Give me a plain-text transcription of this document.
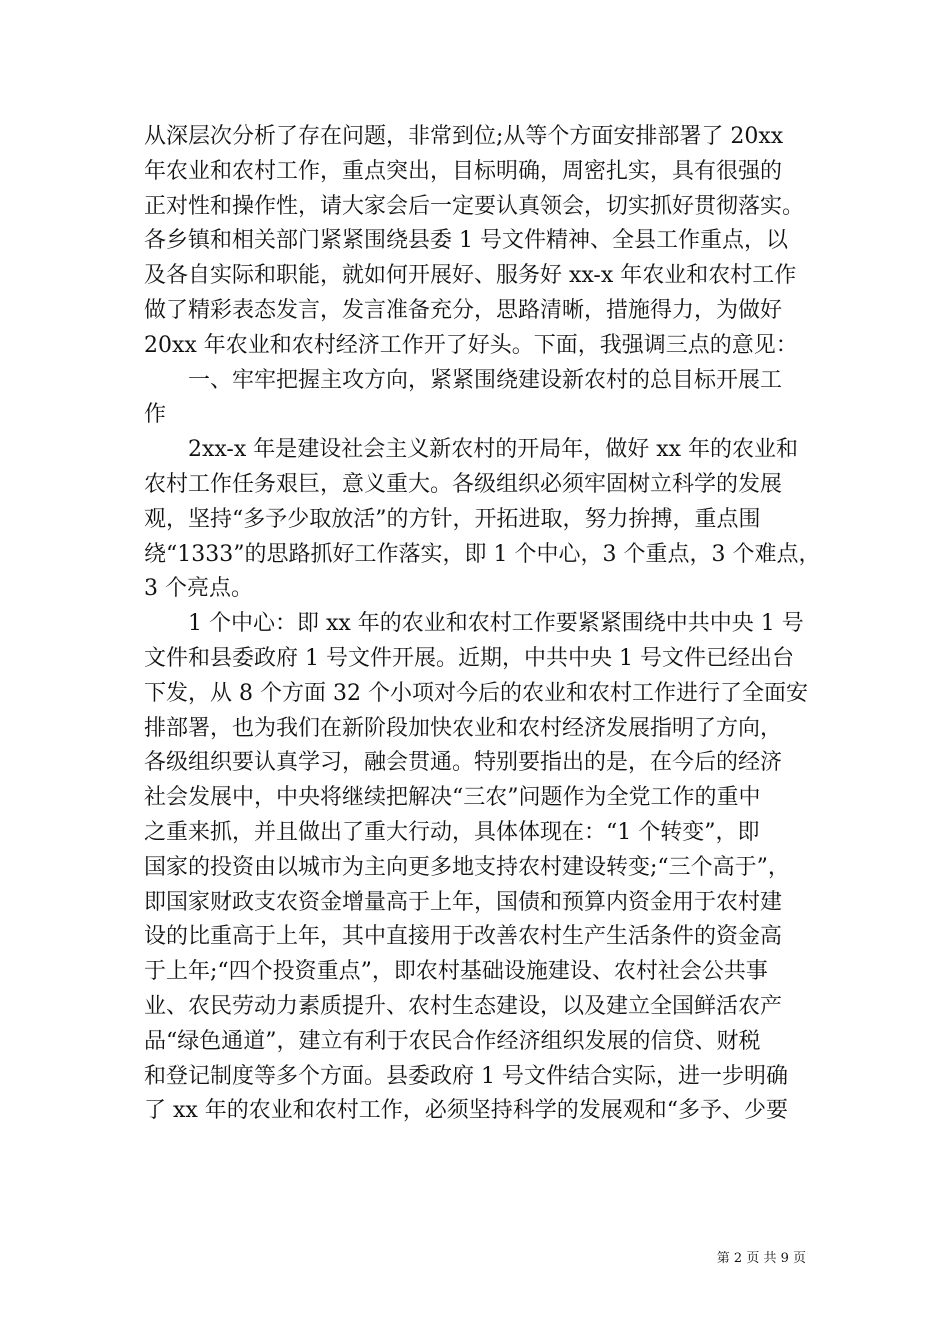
从深层次分析了存在问题，非常到位;从等个方面安排部署了 20xx
年农业和农村工作，重点突出，目标明确，周密扎实，具有很强的
正对性和操作性，请大家会后一定要认真领会，切实抓好贯彻落实。
各乡镇和相关部门紧紧围绕县委 1 号文件精神、全县工作重点，以
及各自实际和职能，就如何开展好、服务好 xx-x 年农业和农村工作
做了精彩表态发言，发言准备充分，思路清晰，措施得力，为做好
20xx 年农业和农村经济工作开了好头。下面，我强调三点的意见：
　　一、牢牢把握主攻方向，紧紧围绕建设新农村的总目标开展工
作
　　2xx-x 年是建设社会主义新农村的开局年，做好 xx 年的农业和
农村工作任务艰巨，意义重大。各级组织必须牢固树立科学的发展
观，坚持“多予少取放活”的方针，开拓进取，努力拚搏，重点围
绕“1333”的思路抓好工作落实，即 1 个中心，3 个重点，3 个难点，
3 个亮点。
　　1 个中心：即 xx 年的农业和农村工作要紧紧围绕中共中央 1 号
文件和县委政府 1 号文件开展。近期，中共中央 1 号文件已经出台
下发，从 8 个方面 32 个小项对今后的农业和农村工作进行了全面安
排部署，也为我们在新阶段加快农业和农村经济发展指明了方向，
各级组织要认真学习，融会贯通。特别要指出的是，在今后的经济
社会发展中，中央将继续把解决“三农”问题作为全党工作的重中
之重来抓，并且做出了重大行动，具体体现在：“1 个转变”，即
国家的投资由以城市为主向更多地支持农村建设转变;“三个高于”，
即国家财政支农资金增量高于上年，国债和预算内资金用于农村建
设的比重高于上年，其中直接用于改善农村生产生活条件的资金高
于上年;“四个投资重点”，即农村基础设施建设、农村社会公共事
业、农民劳动力素质提升、农村生态建设，以及建立全国鲜活农产
品“绿色通道”，建立有利于农民合作经济组织发展的信贷、财税
和登记制度等多个方面。县委政府 1 号文件结合实际，进一步明确
了 xx 年的农业和农村工作，必须坚持科学的发展观和“多予、少要
第 2 页 共 9 页
